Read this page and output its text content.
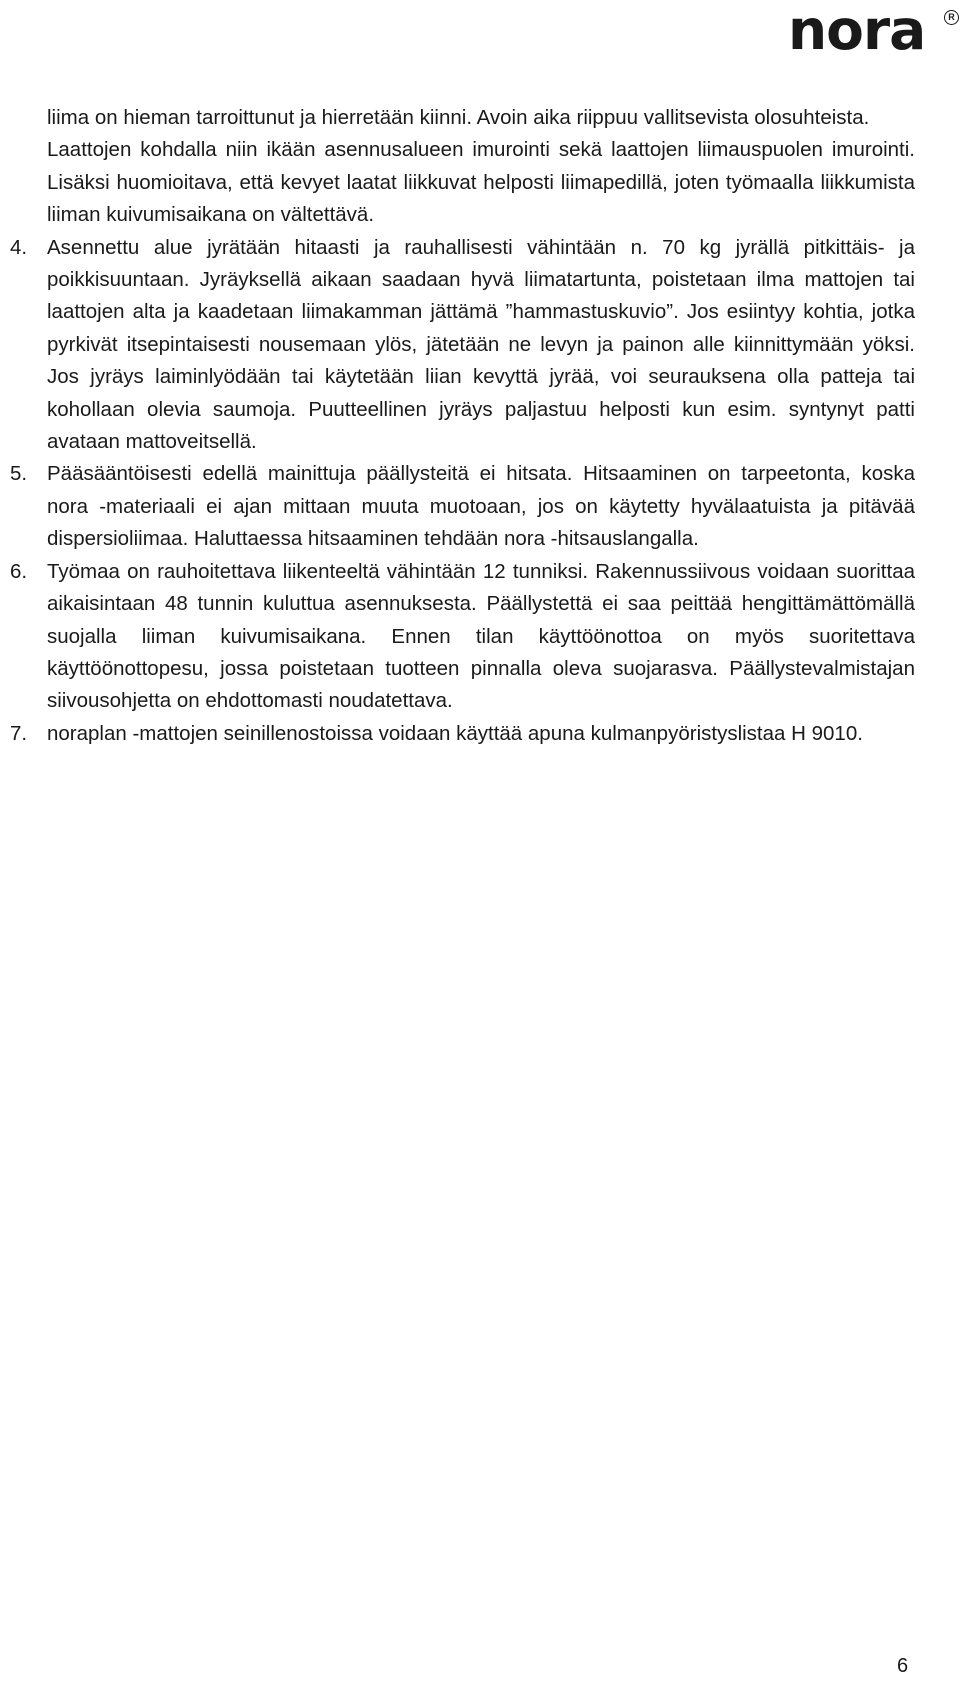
nora	R

liima on hieman tarroittunut ja hierretään kiinni. Avoin aika riippuu vallitsevista olosuhteista.

Laattojen kohdalla niin ikään asennusalueen imurointi sekä laattojen liimauspuolen imurointi. Lisäksi huomioitava, että kevyet laatat liikkuvat helposti liimapedillä, joten työmaalla liikkumista liiman kuivumisaikana on vältettävä.

4. Asennettu alue jyrätään hitaasti ja rauhallisesti vähintään n. 70 kg jyrällä pitkittäis- ja poikkisuuntaan. Jyräyksellä aikaan saadaan hyvä liimatartunta, poistetaan ilma mattojen tai laattojen alta ja kaadetaan liimakamman jättämä ”hammastuskuvio”. Jos esiintyy kohtia, jotka pyrkivät itsepintaisesti nousemaan ylös, jätetään ne levyn ja painon alle kiinnittymään yöksi. Jos jyräys laiminlyödään tai käytetään liian kevyttä jyrää, voi seurauksena olla patteja tai kohollaan olevia saumoja. Puutteellinen jyräys paljastuu helposti kun esim. syntynyt patti avataan mattoveitsellä.
5. Pääsääntöisesti edellä mainittuja päällysteitä ei hitsata. Hitsaaminen on tarpeetonta, koska nora -materiaali ei ajan mittaan muuta muotoaan, jos on käytetty hyvälaatuista ja pitävää dispersioliimaa. Haluttaessa hitsaaminen tehdään nora -hitsauslangalla.
6. Työmaa on rauhoitettava liikenteeltä vähintään 12 tunniksi. Rakennussiivous voidaan suorittaa aikaisintaan 48 tunnin kuluttua asennuksesta. Päällystettä ei saa peittää hengittämättömällä suojalla liiman kuivumisaikana. Ennen tilan käyttöönottoa on myös suoritettava käyttöönottopesu, jossa poistetaan tuotteen pinnalla oleva suojarasva. Päällystevalmistajan siivousohjetta on ehdottomasti noudatettava.
7. noraplan -mattojen seinillenostoissa voidaan käyttää apuna kulmanpyöristyslistaa H 9010.
6
